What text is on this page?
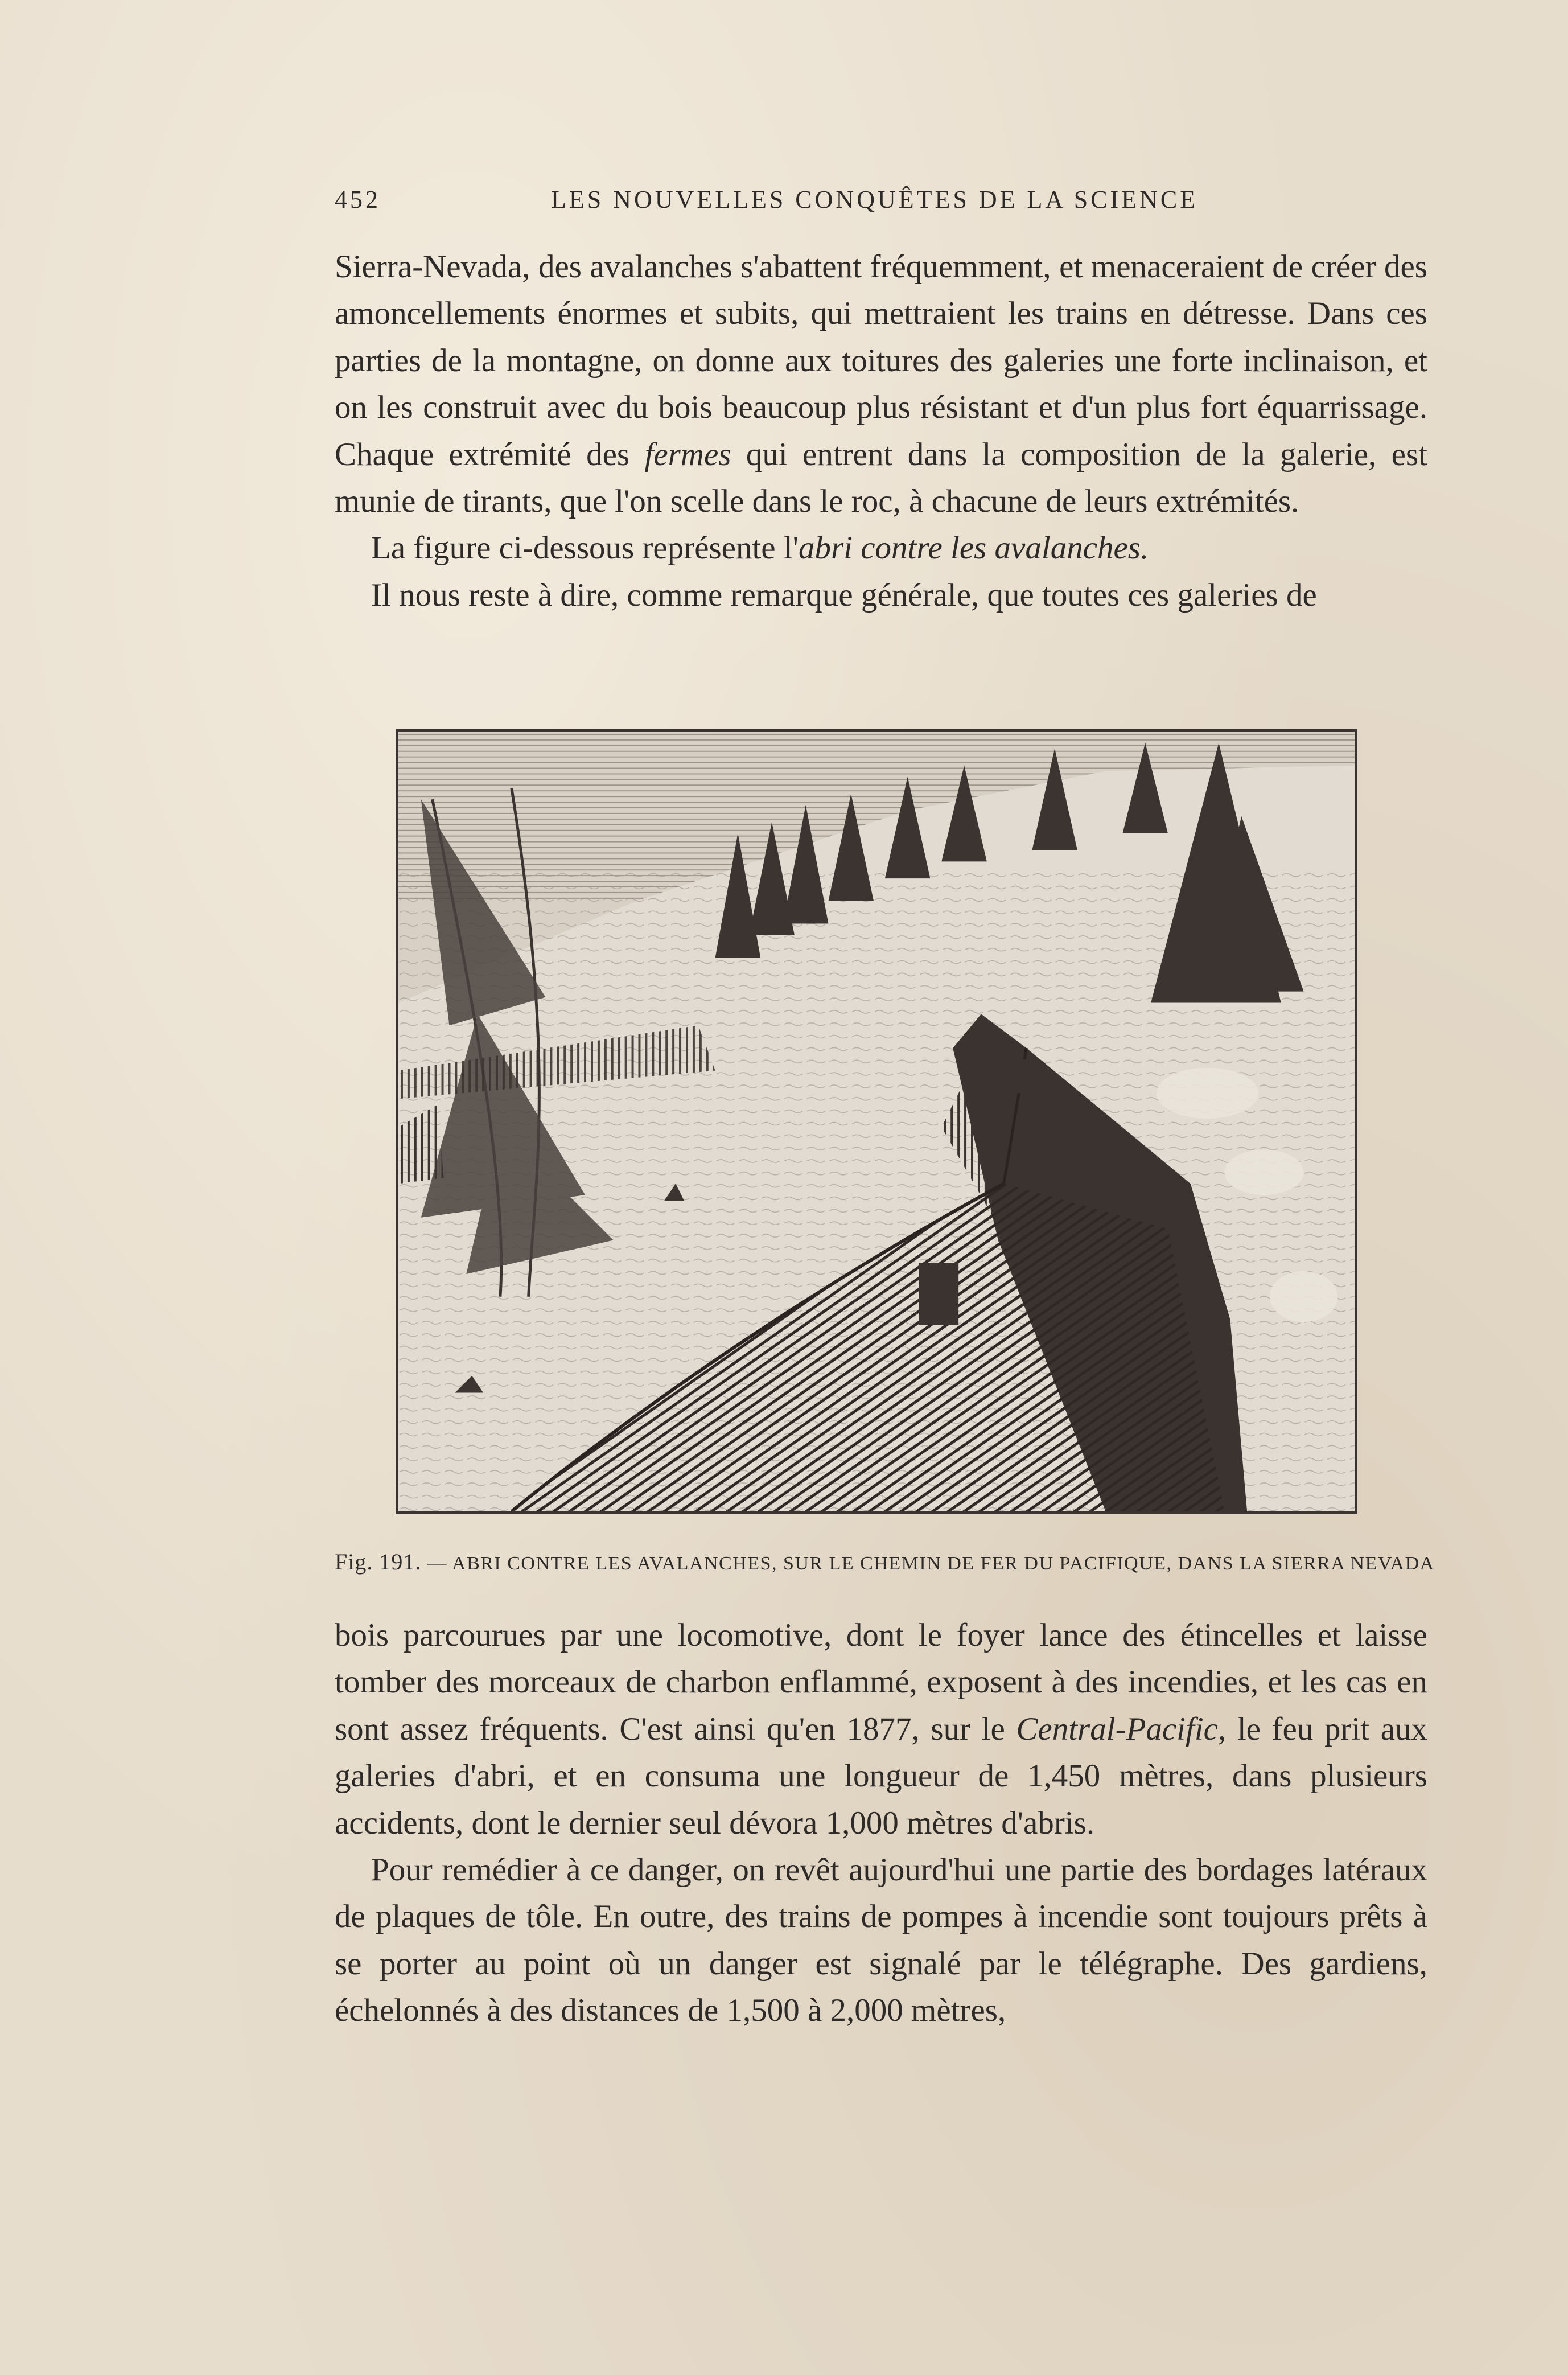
452	LES NOUVELLES CONQUÊTES DE LA SCIENCE

Sierra-Nevada, des avalanches s'abattent fréquemment, et menaceraient de créer des amoncellements énormes et subits, qui mettraient les trains en détresse. Dans ces parties de la montagne, on donne aux toitures des galeries une forte inclinaison, et on les construit avec du bois beaucoup plus résistant et d'un plus fort équarrissage. Chaque extrémité des fermes qui entrent dans la composition de la galerie, est munie de tirants, que l'on scelle dans le roc, à chacune de leurs extrémités.

La figure ci-dessous représente l'abri contre les avalanches.

Il nous reste à dire, comme remarque générale, que toutes ces galeries de

Fig. 191. — ABRI CONTRE LES AVALANCHES, SUR LE CHEMIN DE FER DU PACIFIQUE, DANS LA SIERRA NEVADA

bois parcourues par une locomotive, dont le foyer lance des étincelles et laisse tomber des morceaux de charbon enflammé, exposent à des incendies, et les cas en sont assez fréquents. C'est ainsi qu'en 1877, sur le Central-Pacific, le feu prit aux galeries d'abri, et en consuma une longueur de 1,450 mètres, dans plusieurs accidents, dont le dernier seul dévora 1,000 mètres d'abris.

Pour remédier à ce danger, on revêt aujourd'hui une partie des bordages latéraux de plaques de tôle. En outre, des trains de pompes à incendie sont toujours prêts à se porter au point où un danger est signalé par le télégraphe. Des gardiens, échelonnés à des distances de 1,500 à 2,000 mètres,
